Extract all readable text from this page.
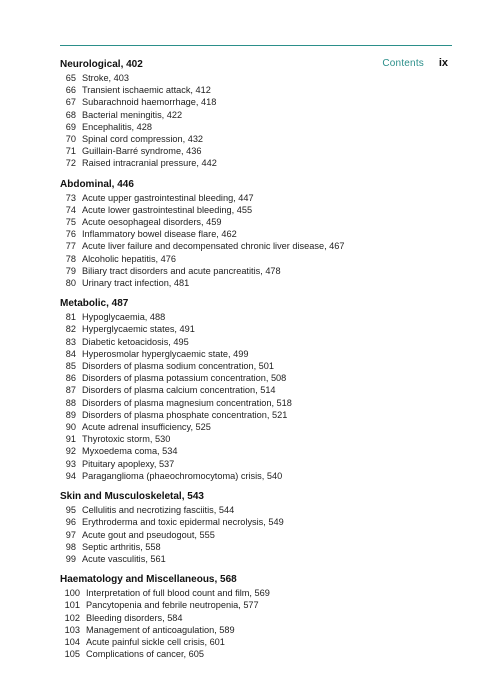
Contents ix
Neurological, 402
65 Stroke, 403
66 Transient ischaemic attack, 412
67 Subarachnoid haemorrhage, 418
68 Bacterial meningitis, 422
69 Encephalitis, 428
70 Spinal cord compression, 432
71 Guillain-Barré syndrome, 436
72 Raised intracranial pressure, 442
Abdominal, 446
73 Acute upper gastrointestinal bleeding, 447
74 Acute lower gastrointestinal bleeding, 455
75 Acute oesophageal disorders, 459
76 Inflammatory bowel disease flare, 462
77 Acute liver failure and decompensated chronic liver disease, 467
78 Alcoholic hepatitis, 476
79 Biliary tract disorders and acute pancreatitis, 478
80 Urinary tract infection, 481
Metabolic, 487
81 Hypoglycaemia, 488
82 Hyperglycaemic states, 491
83 Diabetic ketoacidosis, 495
84 Hyperosmolar hyperglycaemic state, 499
85 Disorders of plasma sodium concentration, 501
86 Disorders of plasma potassium concentration, 508
87 Disorders of plasma calcium concentration, 514
88 Disorders of plasma magnesium concentration, 518
89 Disorders of plasma phosphate concentration, 521
90 Acute adrenal insufficiency, 525
91 Thyrotoxic storm, 530
92 Myxoedema coma, 534
93 Pituitary apoplexy, 537
94 Paraganglioma (phaeochromocytoma) crisis, 540
Skin and Musculoskeletal, 543
95 Cellulitis and necrotizing fasciitis, 544
96 Erythroderma and toxic epidermal necrolysis, 549
97 Acute gout and pseudogout, 555
98 Septic arthritis, 558
99 Acute vasculitis, 561
Haematology and Miscellaneous, 568
100 Interpretation of full blood count and film, 569
101 Pancytopenia and febrile neutropenia, 577
102 Bleeding disorders, 584
103 Management of anticoagulation, 589
104 Acute painful sickle cell crisis, 601
105 Complications of cancer, 605
